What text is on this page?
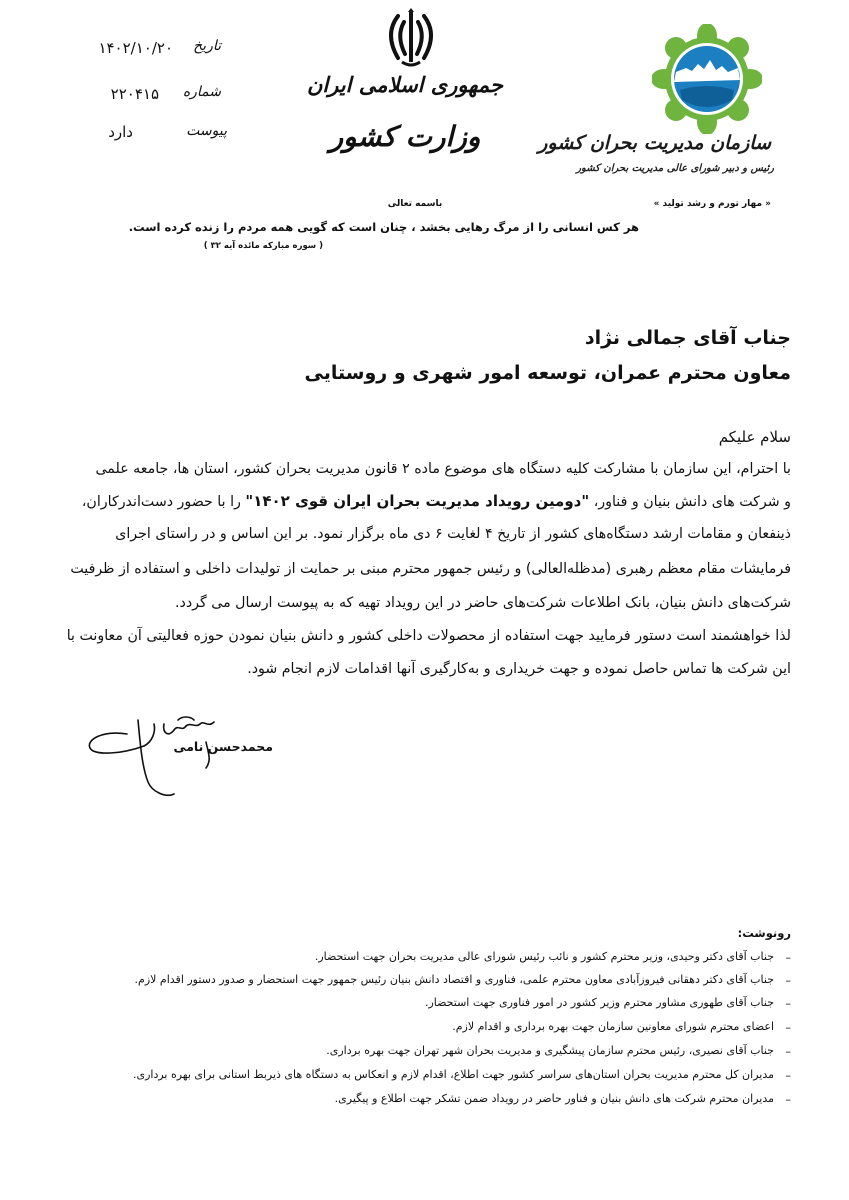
سازمان مدیریت بحران کشور
رئیس و دبیر شورای عالی مدیریت بحران کشور
« مهار تورم و رشد تولید »
جمهوری اسلامی ایران
وزارت کشور
تاریخ
۱۴۰۲/۱۰/۲۰
شماره
۲۲۰۴۱۵
پیوست
دارد
باسمه تعالی
هر کس انسانی را از مرگ رهایی بخشد ، چنان است که گویی همه مردم را زنده کرده است.
( سوره مبارکه مائده آیه ۳۲ )
جناب آقای جمالی نژاد
معاون محترم عمران، توسعه امور شهری و روستایی
سلام علیکم
با احترام، این سازمان با مشارکت کلیه دستگاه های موضوع ماده ۲ قانون مدیریت بحران کشور، استان ها، جامعه علمی
و شرکت های دانش بنیان و فناور، "دومین رویداد مدیریت بحران ایران قوی ۱۴۰۲" را با حضور دست‌اندرکاران،
ذینفعان و مقامات ارشد دستگاه‌های کشور از تاریخ ۴ لغایت ۶ دی ماه برگزار نمود. بر این اساس و در راستای اجرای
فرمایشات مقام معظم رهبری (مدظله‌العالی) و رئیس جمهور محترم مبنی بر حمایت از تولیدات داخلی و استفاده از ظرفیت
شرکت‌های دانش بنیان، بانک اطلاعات شرکت‌های حاضر در این رویداد تهیه که به پیوست ارسال می گردد.
لذا خواهشمند است دستور فرمایید جهت استفاده از محصولات داخلی کشور و دانش بنیان نمودن حوزه فعالیتی آن معاونت با
این شرکت ها تماس حاصل نموده و جهت خریداری و به‌کارگیری آنها اقدامات لازم انجام شود.
محمدحسن نامی
رونوشت:
–
جناب آقای دکتر وحیدی، وزیر محترم کشور و نائب رئیس شورای عالی مدیریت بحران جهت استحضار.
–
جناب آقای دکتر دهقانی فیروزآبادی معاون محترم علمی، فناوری و اقتصاد دانش بنیان رئیس جمهور جهت استحضار و صدور دستور اقدام لازم.
–
جناب آقای طهوری مشاور محترم وزیر کشور در امور فناوری جهت استحضار.
–
اعضای محترم شورای معاونین سازمان جهت بهره برداری و اقدام لازم.
–
جناب آقای نصیری، رئیس محترم سازمان پیشگیری و مدیریت بحران شهر تهران جهت بهره برداری.
–
مدیران کل محترم مدیریت بحران استان‌های سراسر کشور جهت اطلاع، اقدام لازم و انعکاس به دستگاه های ذیربط استانی برای بهره برداری.
–
مدیران محترم شرکت های دانش بنیان و فناور حاضر در رویداد ضمن تشکر جهت اطلاع و پیگیری.
